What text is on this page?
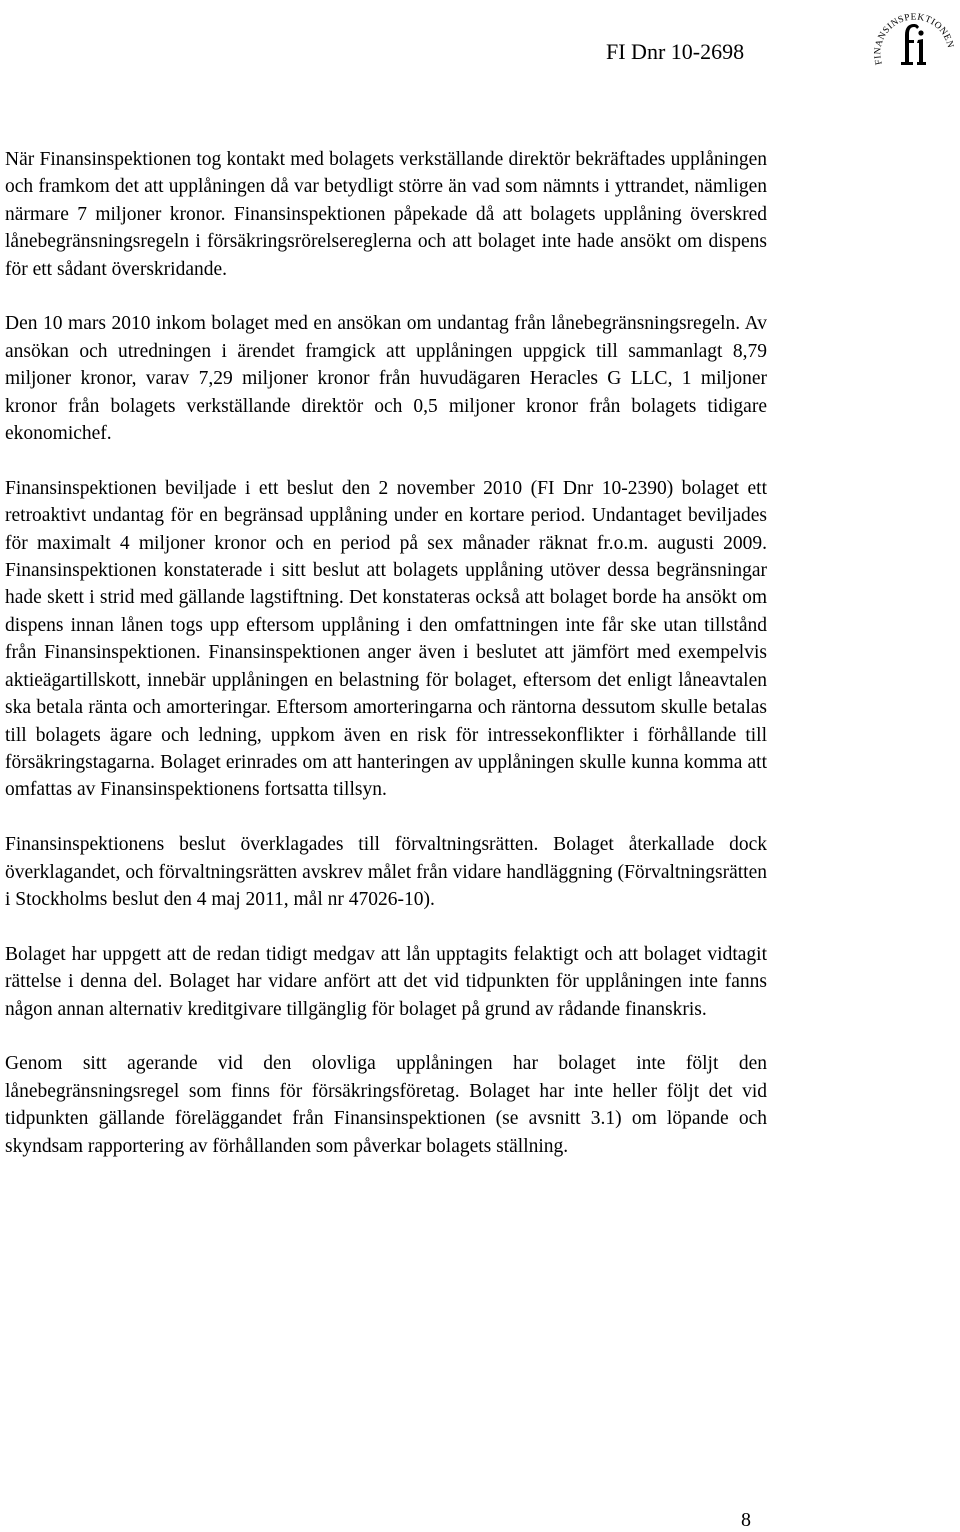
FI Dnr 10-2698	FINANSINSPEKTIONEN

När Finansinspektionen tog kontakt med bolagets verkställande direktör bekräftades upplåningen och framkom det att upplåningen då var betydligt större än vad som nämnts i yttrandet, nämligen närmare 7 miljoner kronor. Finansinspektionen påpekade då att bolagets upplåning överskred lånebegränsningsregeln i försäkringsrörelsereglerna och att bolaget inte hade ansökt om dispens för ett sådant överskridande.

Den 10 mars 2010 inkom bolaget med en ansökan om undantag från lånebegränsningsregeln. Av ansökan och utredningen i ärendet framgick att upplåningen uppgick till sammanlagt 8,79 miljoner kronor, varav 7,29 miljoner kronor från huvudägaren Heracles G LLC, 1 miljoner kronor från bolagets verkställande direktör och 0,5 miljoner kronor från bolagets tidigare ekonomichef.

Finansinspektionen beviljade i ett beslut den 2 november 2010 (FI Dnr 10-2390) bolaget ett retroaktivt undantag för en begränsad upplåning under en kortare period. Undantaget beviljades för maximalt 4 miljoner kronor och en period på sex månader räknat fr.o.m. augusti 2009. Finansinspektionen konstaterade i sitt beslut att bolagets upplåning utöver dessa begränsningar hade skett i strid med gällande lagstiftning. Det konstateras också att bolaget borde ha ansökt om dispens innan lånen togs upp eftersom upplåning i den omfattningen inte får ske utan tillstånd från Finansinspektionen. Finansinspektionen anger även i beslutet att jämfört med exempelvis aktieägartillskott, innebär upplåningen en belastning för bolaget, eftersom det enligt låneavtalen ska betala ränta och amorteringar. Eftersom amorteringarna och räntorna dessutom skulle betalas till bolagets ägare och ledning, uppkom även en risk för intressekonflikter i förhållande till försäkringstagarna. Bolaget erinrades om att hanteringen av upplåningen skulle kunna komma att omfattas av Finansinspektionens fortsatta tillsyn.

Finansinspektionens beslut överklagades till förvaltningsrätten. Bolaget återkallade dock överklagandet, och förvaltningsrätten avskrev målet från vidare handläggning (Förvaltningsrätten i Stockholms beslut den 4 maj 2011, mål nr 47026-10).

Bolaget har uppgett att de redan tidigt medgav att lån upptagits felaktigt och att bolaget vidtagit rättelse i denna del. Bolaget har vidare anfört att det vid tidpunkten för upplåningen inte fanns någon annan alternativ kreditgivare tillgänglig för bolaget på grund av rådande finanskris.

Genom sitt agerande vid den olovliga upplåningen har bolaget inte följt den lånebegränsningsregel som finns för försäkringsföretag. Bolaget har inte heller följt det vid tidpunkten gällande föreläggandet från Finansinspektionen (se avsnitt 3.1) om löpande och skyndsam rapportering av förhållanden som påverkar bolagets ställning.

8
